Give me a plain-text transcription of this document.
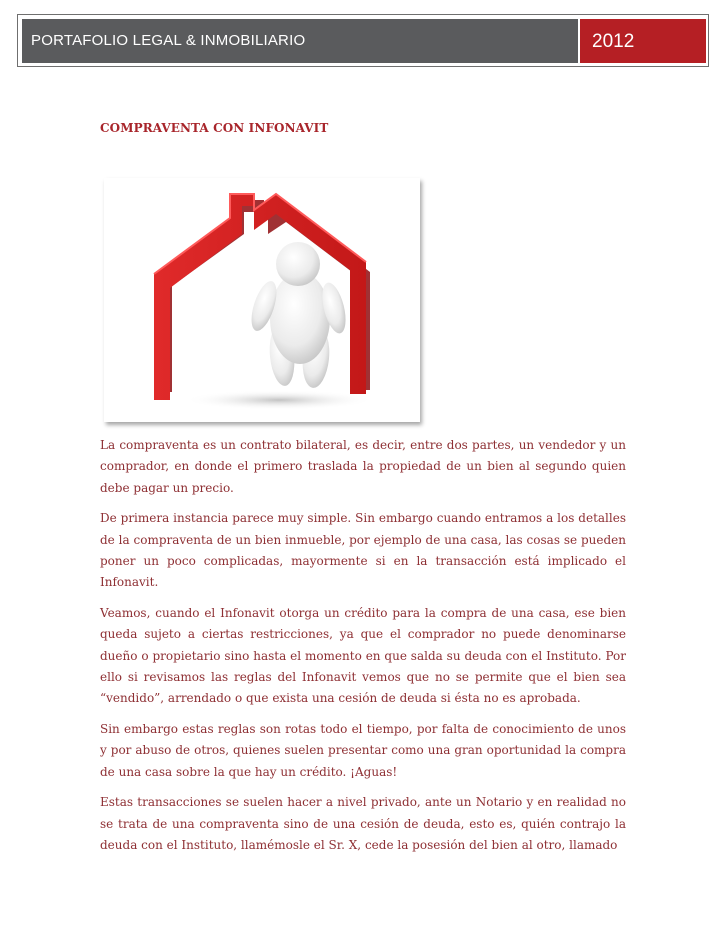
PORTAFOLIO LEGAL & INMOBILIARIO	2012
COMPRAVENTA CON INFONAVIT

La compraventa es un contrato bilateral, es decir, entre dos partes, un vendedor y un comprador, en donde el primero traslada la propiedad de un bien al segundo quien debe pagar un precio.

De primera instancia parece muy simple. Sin embargo cuando entramos a los detalles de la compraventa de un bien inmueble, por ejemplo de una casa, las cosas se pueden poner un poco complicadas, mayormente si en la transacción está implicado el Infonavit.

Veamos, cuando el Infonavit otorga un crédito para la compra de una casa, ese bien queda sujeto a ciertas restricciones, ya que el comprador no puede denominarse dueño o propietario sino hasta el momento en que salda su deuda con el Instituto. Por ello si revisamos las reglas del Infonavit vemos que no se permite que el bien sea “vendido”, arrendado o que exista una cesión de deuda si ésta no es aprobada.

Sin embargo estas reglas son rotas todo el tiempo, por falta de conocimiento de unos y por abuso de otros, quienes suelen presentar como una gran oportunidad la compra de una casa sobre la que hay un crédito. ¡Aguas!

Estas transacciones se suelen hacer a nivel privado, ante un Notario y en realidad no se trata de una compraventa sino de una cesión de deuda, esto es, quién contrajo la deuda con el Instituto, llamémosle el Sr. X, cede la posesión del bien al otro, llamado
